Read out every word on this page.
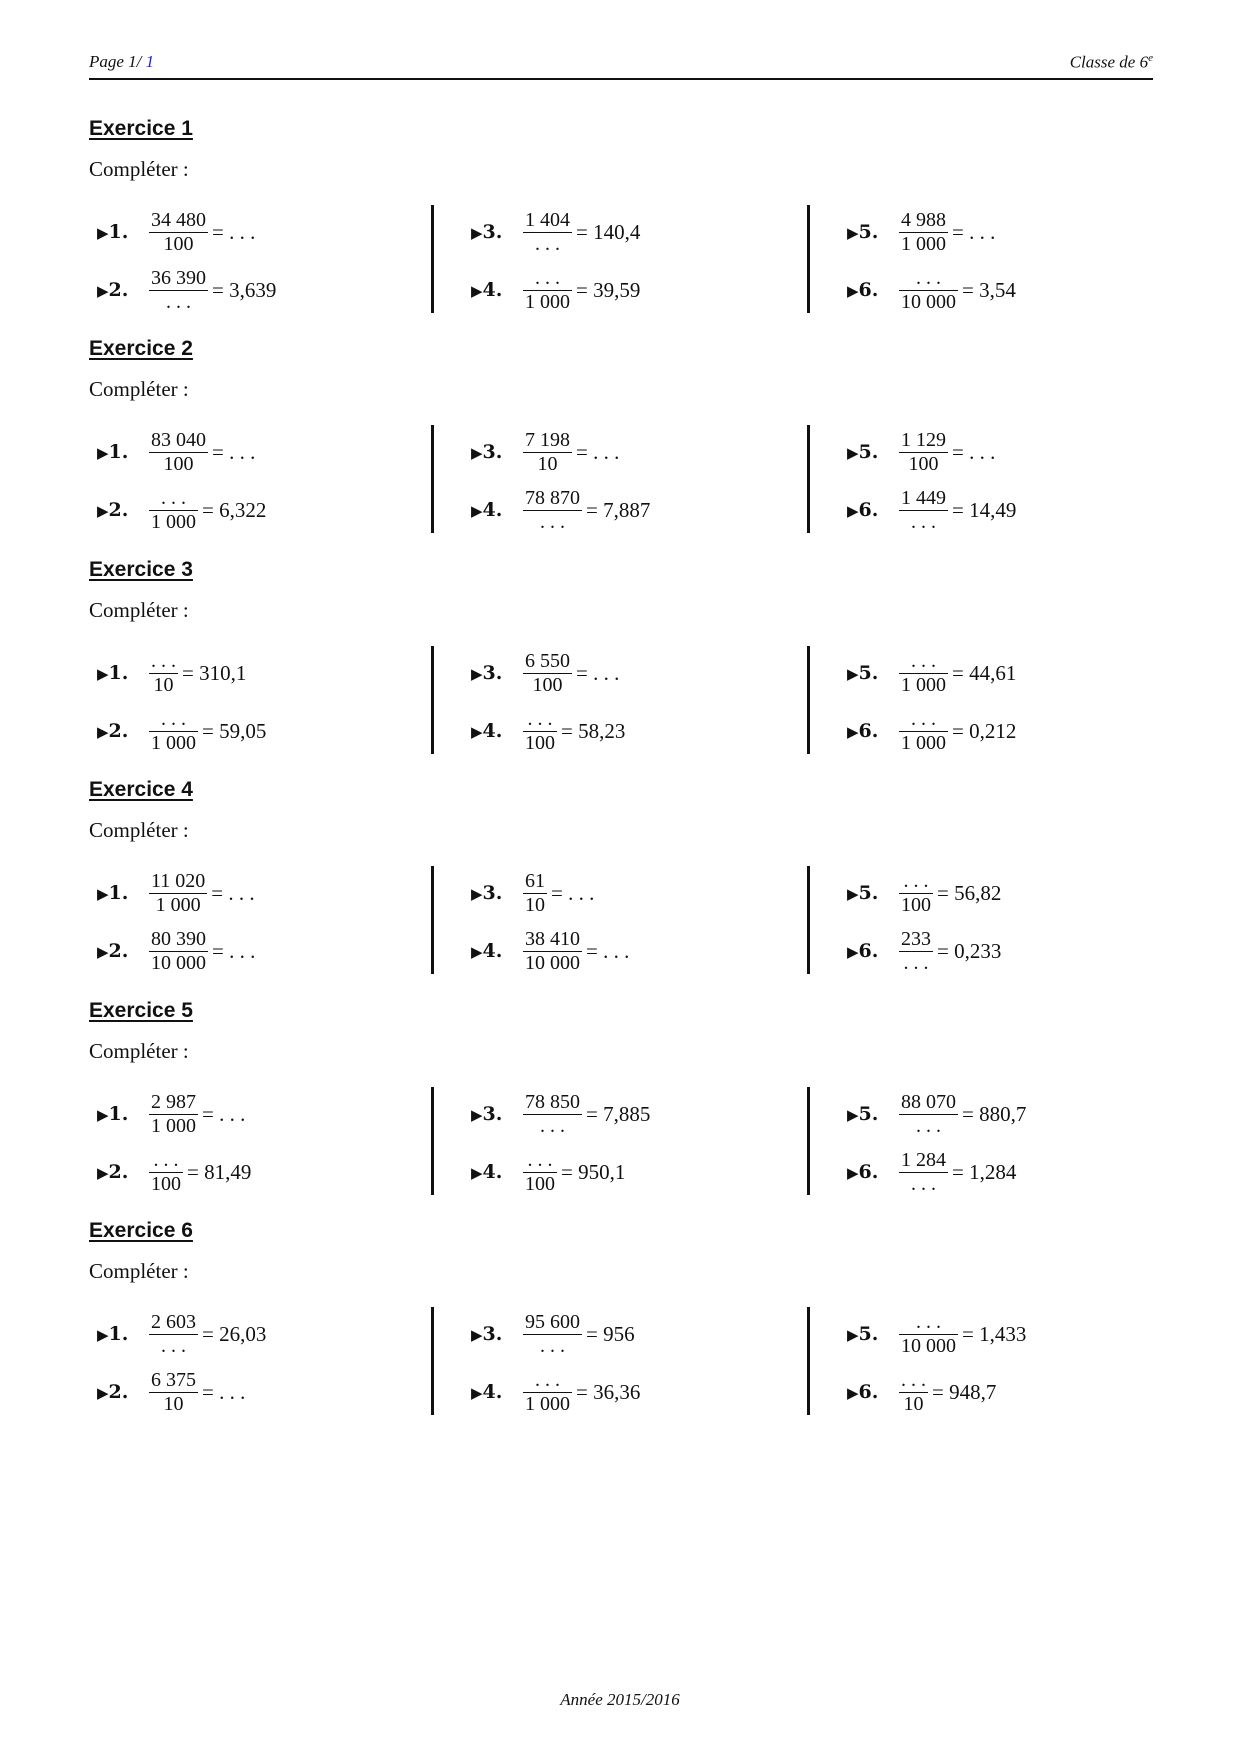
Page 1/ 1	Classe de 6e
Exercice 1
Compléter :
▶1.	$\frac{34 480}{100}$ = . . .
▶2.	$\frac{36 390}{. . .} = 3,639$
▶3.	$\frac{1 404}{. . .} = 140,4$
▶4.	$\frac{. . .}{1 000} = 39,59$
▶5.	$\frac{4 988}{1 000}$ = . . .
▶6.	$\frac{. . .}{10 000} = 3,54$
Exercice 2
Compléter :
▶1.	$\frac{83 040}{100}$ = . . .
▶2.	$\frac{. . .}{1 000} = 6,322$
▶3.	$\frac{7 198}{10}$ = . . .
▶4.	$\frac{78 870}{. . .} = 7,887$
▶5.	$\frac{1 129}{100}$ = . . .
▶6.	$\frac{1 449}{. . .} = 14,49$
Exercice 3
Compléter :
▶1.	$\frac{. . .}{10} = 310,1$
▶2.	$\frac{. . .}{1 000} = 59,05$
▶3.	$\frac{6 550}{100}$ = . . .
▶4.	$\frac{. . .}{100} = 58,23$
▶5.	$\frac{. . .}{1 000} = 44,61$
▶6.	$\frac{. . .}{1 000} = 0,212$
Exercice 4
Compléter :
▶1.	$\frac{11 020}{1 000}$ = . . .
▶2.	$\frac{80 390}{10 000}$ = . . .
▶3.	$\frac{61}{10}$ = . . .
▶4.	$\frac{38 410}{10 000}$ = . . .
▶5.	$\frac{. . .}{100} = 56,82$
▶6.	$\frac{233}{. . .} = 0,233$
Exercice 5
Compléter :
▶1.	$\frac{2 987}{1 000}$ = . . .
▶2.	$\frac{. . .}{100} = 81,49$
▶3.	$\frac{78 850}{. . .} = 7,885$
▶4.	$\frac{. . .}{100} = 950,1$
▶5.	$\frac{88 070}{. . .} = 880,7$
▶6.	$\frac{1 284}{. . .} = 1,284$
Exercice 6
Compléter :
▶1.	$\frac{2 603}{. . .} = 26,03$
▶2.	$\frac{6 375}{10}$ = . . .
▶3.	$\frac{95 600}{. . .} = 956$
▶4.	$\frac{. . .}{1 000} = 36,36$
▶5.	$\frac{. . .}{10 000} = 1,433$
▶6.	$\frac{. . .}{10} = 948,7$
Année 2015/2016
